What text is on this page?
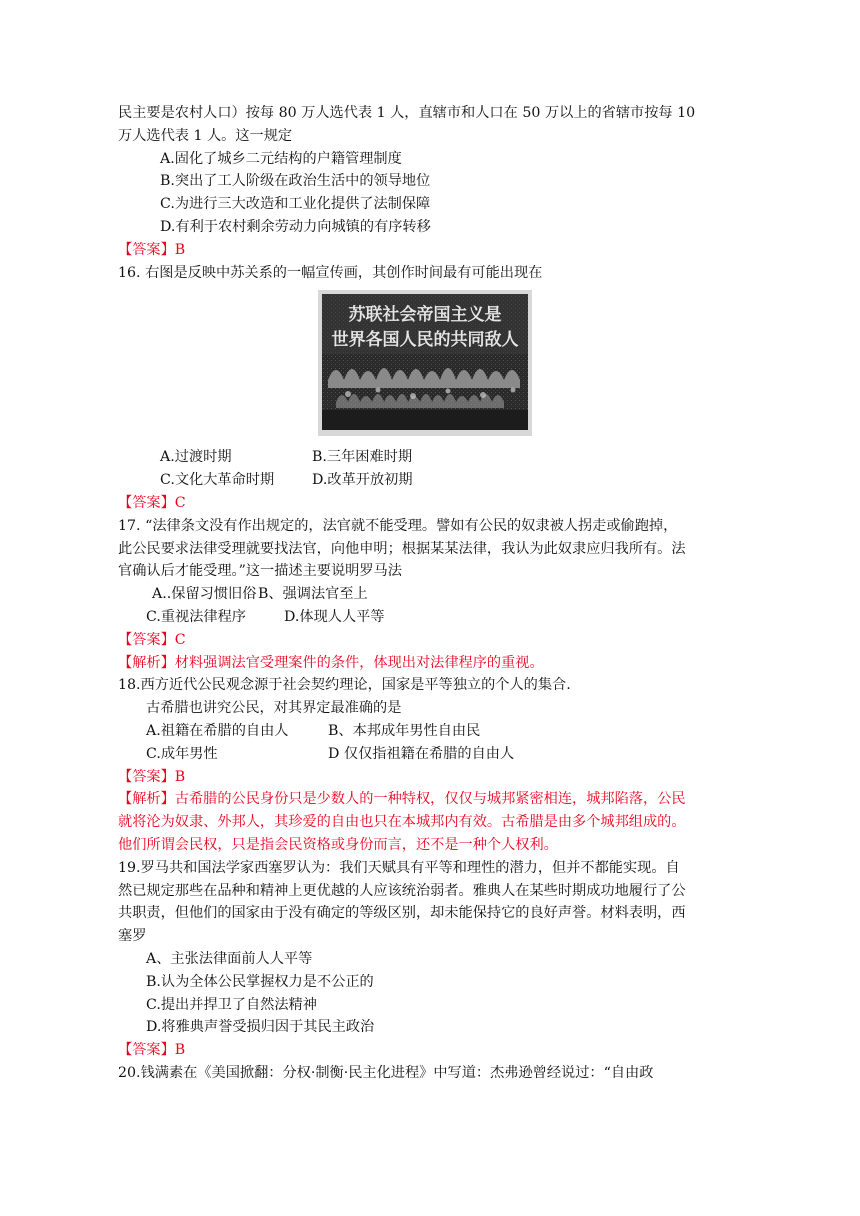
民主要是农村人口）按每 80 万人选代表 1 人，直辖市和人口在 50 万以上的省辖市按每 10
万人选代表 1 人。这一规定
A.固化了城乡二元结构的户籍管理制度
B.突出了工人阶级在政治生活中的领导地位
C.为进行三大改造和工业化提供了法制保障
D.有利于农村剩余劳动力向城镇的有序转移
【答案】B
16. 右图是反映中苏关系的一幅宣传画，其创作时间最有可能出现在
苏联社会帝国主义是
世界各国人民的共同敌人
A.过渡时期	B.三年困难时期
C.文化大革命时期	D.改革开放初期
【答案】C
17. “法律条文没有作出规定的，法官就不能受理。譬如有公民的奴隶被人拐走或偷跑掉，
此公民要求法律受理就要找法官，向他申明；根据某某法律，我认为此奴隶应归我所有。法
官确认后才能受理。”这一描述主要说明罗马法
A..保留习惯旧俗 B、强调法官至上
C.重视法律程序	D.体现人人平等
【答案】C
【解析】材料强调法官受理案件的条件，体现出对法律程序的重视。
18.西方近代公民观念源于社会契约理论，国家是平等独立的个人的集合.
古希腊也讲究公民，对其界定最准确的是
A.祖籍在希腊的自由人	B、本邦成年男性自由民
C.成年男性	D 仅仅指祖籍在希腊的自由人
【答案】B
【解析】古希腊的公民身份只是少数人的一种特权，仅仅与城邦紧密相连，城邦陷落，公民
就将沦为奴隶、外邦人，其珍爱的自由也只在本城邦内有效。古希腊是由多个城邦组成的。
他们所谓会民权，只是指会民资格或身份而言，还不是一种个人权利。
19.罗马共和国法学家西塞罗认为：我们天赋具有平等和理性的潜力，但并不都能实现。自
然已规定那些在品种和精神上更优越的人应该统治弱者。雅典人在某些时期成功地履行了公
共职责，但他们的国家由于没有确定的等级区别，却未能保持它的良好声誉。材料表明，西
塞罗
A、主张法律面前人人平等
B.认为全体公民掌握权力是不公正的
C.提出并捍卫了自然法精神
D.将雅典声誉受损归因于其民主政治
【答案】B
20.钱满素在《美国掀翻：分权·制衡·民主化进程》中写道：杰弗逊曾经说过：“自由政
